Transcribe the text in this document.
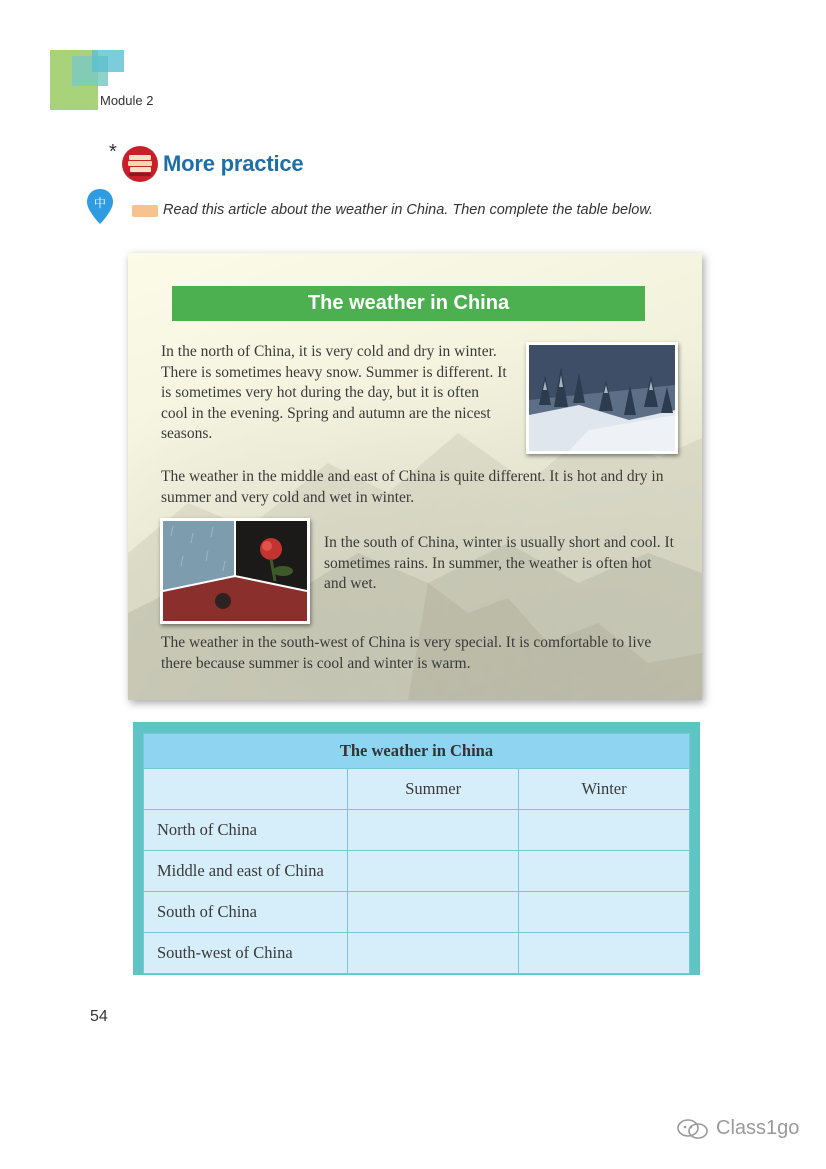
Module 2
* More practice
中	Read this article about the weather in China. Then complete the table below.
The weather in China
In the north of China, it is very cold and dry in winter. There is sometimes heavy snow. Summer is different. It is sometimes very hot during the day, but it is often cool in the evening. Spring and autumn are the nicest seasons.
The weather in the middle and east of China is quite different. It is hot and dry in summer and very cold and wet in winter.
In the south of China, winter is usually short and cool. It sometimes rains. In summer, the weather is often hot and wet.
The weather in the south-west of China is very special. It is comfortable to live there because summer is cool and winter is warm.
The weather in China		
	Summer	Winter
North of China		
Middle and east of China		
South of China		
South-west of China		
54
Class1go
